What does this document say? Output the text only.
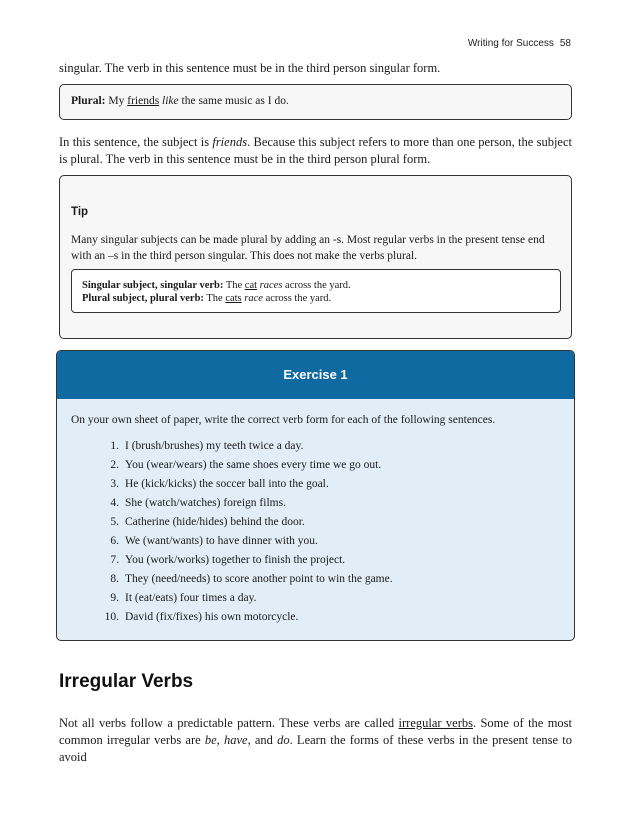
Writing for Success 58

singular. The verb in this sentence must be in the third person singular form.

Plural: My friends like the same music as I do.

In this sentence, the subject is friends. Because this subject refers to more than one person, the subject is plural. The verb in this sentence must be in the third person plural form.

Tip

Many singular subjects can be made plural by adding an -s. Most regular verbs in the present tense end with an –s in the third person singular. This does not make the verbs plural.

Singular subject, singular verb: The cat races across the yard.
Plural subject, plural verb: The cats race across the yard.
Exercise 1
On your own sheet of paper, write the correct verb form for each of the following sentences.
1. I (brush/brushes) my teeth twice a day.
2. You (wear/wears) the same shoes every time we go out.
3. He (kick/kicks) the soccer ball into the goal.
4. She (watch/watches) foreign films.
5. Catherine (hide/hides) behind the door.
6. We (want/wants) to have dinner with you.
7. You (work/works) together to finish the project.
8. They (need/needs) to score another point to win the game.
9. It (eat/eats) four times a day.
10. David (fix/fixes) his own motorcycle.
Irregular Verbs

Not all verbs follow a predictable pattern. These verbs are called irregular verbs. Some of the most common irregular verbs are be, have, and do. Learn the forms of these verbs in the present tense to avoid
